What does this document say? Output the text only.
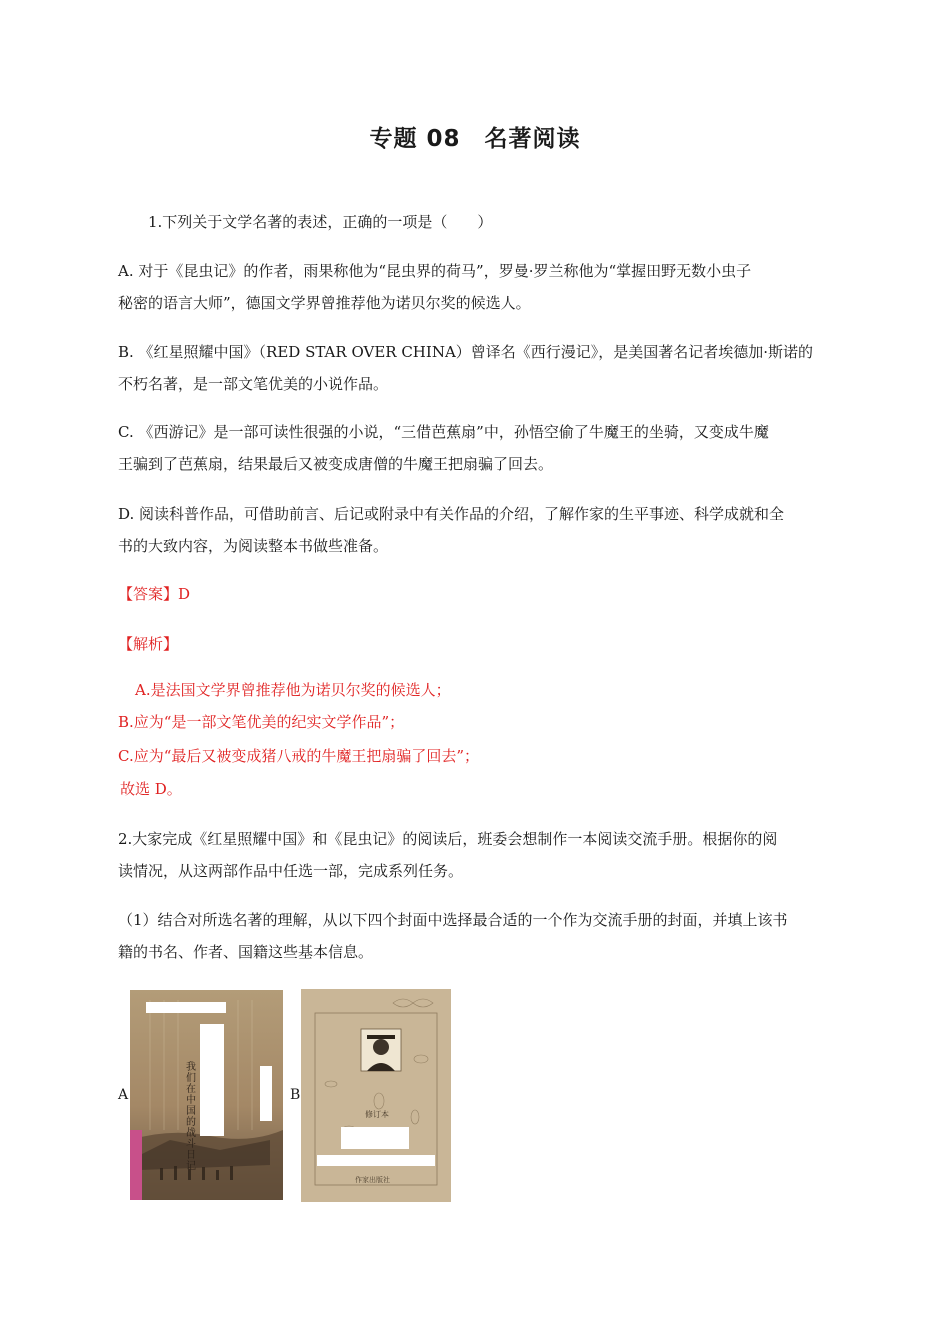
专题 08　名著阅读
1.下列关于文学名著的表述，正确的一项是（　　）
A. 对于《昆虫记》的作者，雨果称他为“昆虫界的荷马”，罗曼·罗兰称他为“掌握田野无数小虫子
秘密的语言大师”，德国文学界曾推荐他为诺贝尔奖的候选人。
B. 《红星照耀中国》（RED STAR OVER CHINA）曾译名《西行漫记》，是美国著名记者埃德加·斯诺的
不朽名著，是一部文笔优美的小说作品。
C. 《西游记》是一部可读性很强的小说，“三借芭蕉扇”中，孙悟空偷了牛魔王的坐骑，又变成牛魔
王骗到了芭蕉扇，结果最后又被变成唐僧的牛魔王把扇骗了回去。
D. 阅读科普作品，可借助前言、后记或附录中有关作品的介绍，了解作家的生平事迹、科学成就和全
书的大致内容，为阅读整本书做些准备。
【答案】D
【解析】
A.是法国文学界曾推荐他为诺贝尔奖的候选人；
B.应为“是一部文笔优美的纪实文学作品”；
C.应为“最后又被变成猪八戒的牛魔王把扇骗了回去”；
故选 D。
2.大家完成《红星照耀中国》和《昆虫记》的阅读后，班委会想制作一本阅读交流手册。根据你的阅
读情况，从这两部作品中任选一部，完成系列任务。
（1）结合对所选名著的理解，从以下四个封面中选择最合适的一个作为交流手册的封面，并填上该书
籍的书名、作者、国籍这些基本信息。
A
我们在中国的战斗日记
B
修订本
作家出版社
